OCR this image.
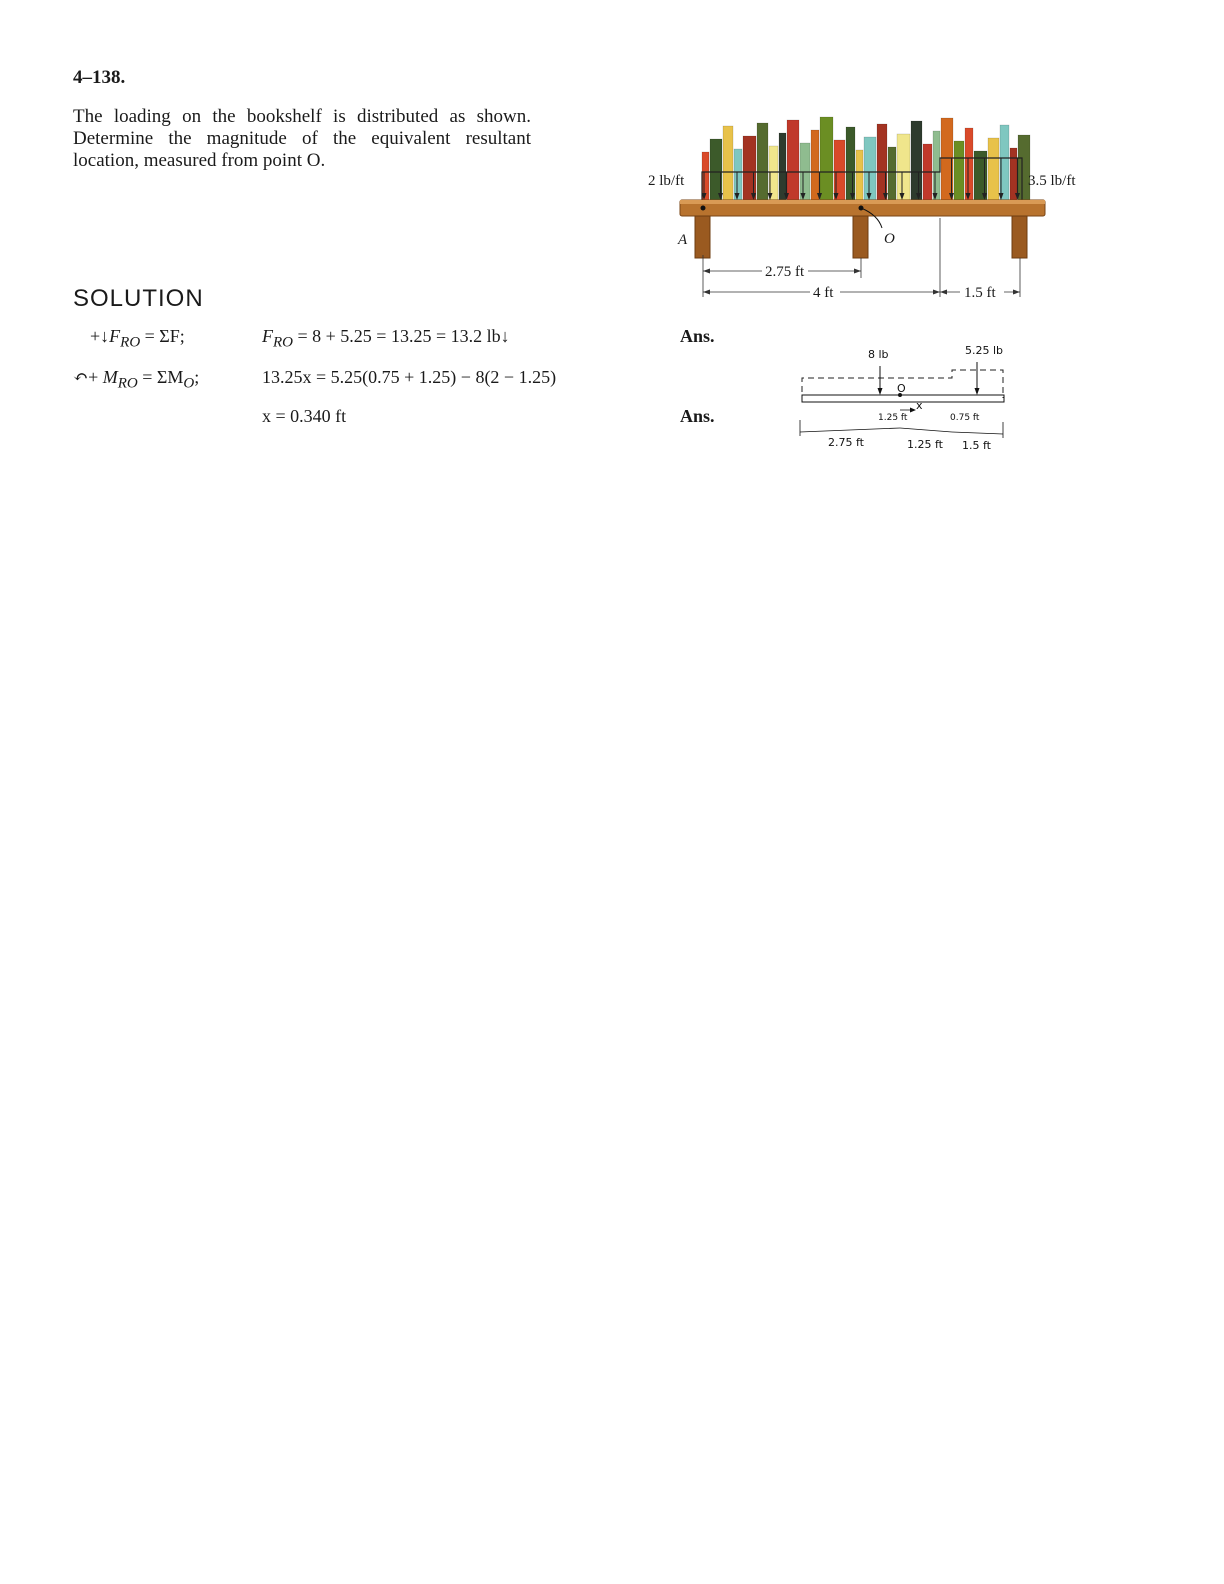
4–138.
The loading on the bookshelf is distributed as shown. Determine the magnitude of the equivalent resultant location, measured from point O.
SOLUTION
$+↓F_{RO} = \Sigma F$;	$F_{RO} = 8 + 5.25 = 13.25 = 13.2$ lb↓	Ans.
↶+ $M_{RO} = \Sigma M_O$;	13.25x = 5.25(0.75 + 1.25) − 8(2 − 1.25)
x = 0.340 ft	Ans.
A	O
2 lb/ft	3.5 lb/ft
2.75 ft
4 ft	1.5 ft
8 lb	5.25 lb
O
x
1.25 ft	0.75 ft
2.75 ft	1.25 ft 1.5 ft
